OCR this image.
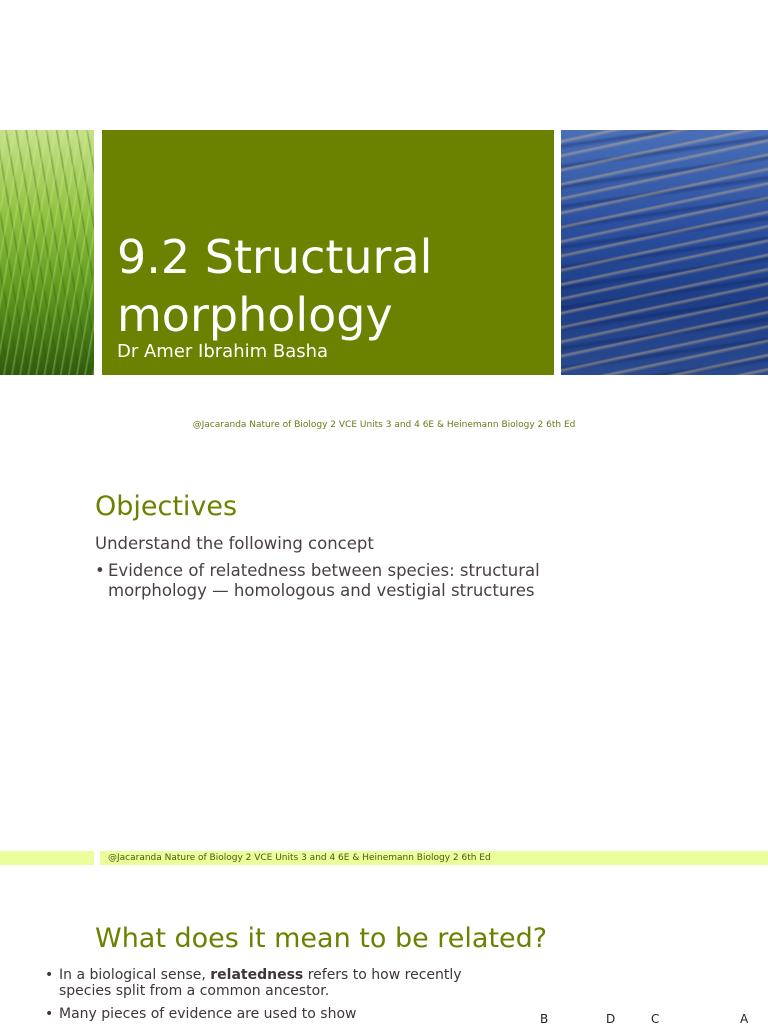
9.2 Structural morphology
Dr Amer Ibrahim Basha
@Jacaranda Nature of Biology 2 VCE Units 3 and 4 6E & Heinemann Biology 2 6th Ed
Objectives
Understand the following concept
• Evidence of relatedness between species: structural morphology — homologous and vestigial structures
@Jacaranda Nature of Biology 2 VCE Units 3 and 4 6E & Heinemann Biology 2 6th Ed
What does it mean to be related?
• In a biological sense, relatedness refers to how recently species split from a common ancestor.
• Many pieces of evidence are used to show	B	D	C	A
